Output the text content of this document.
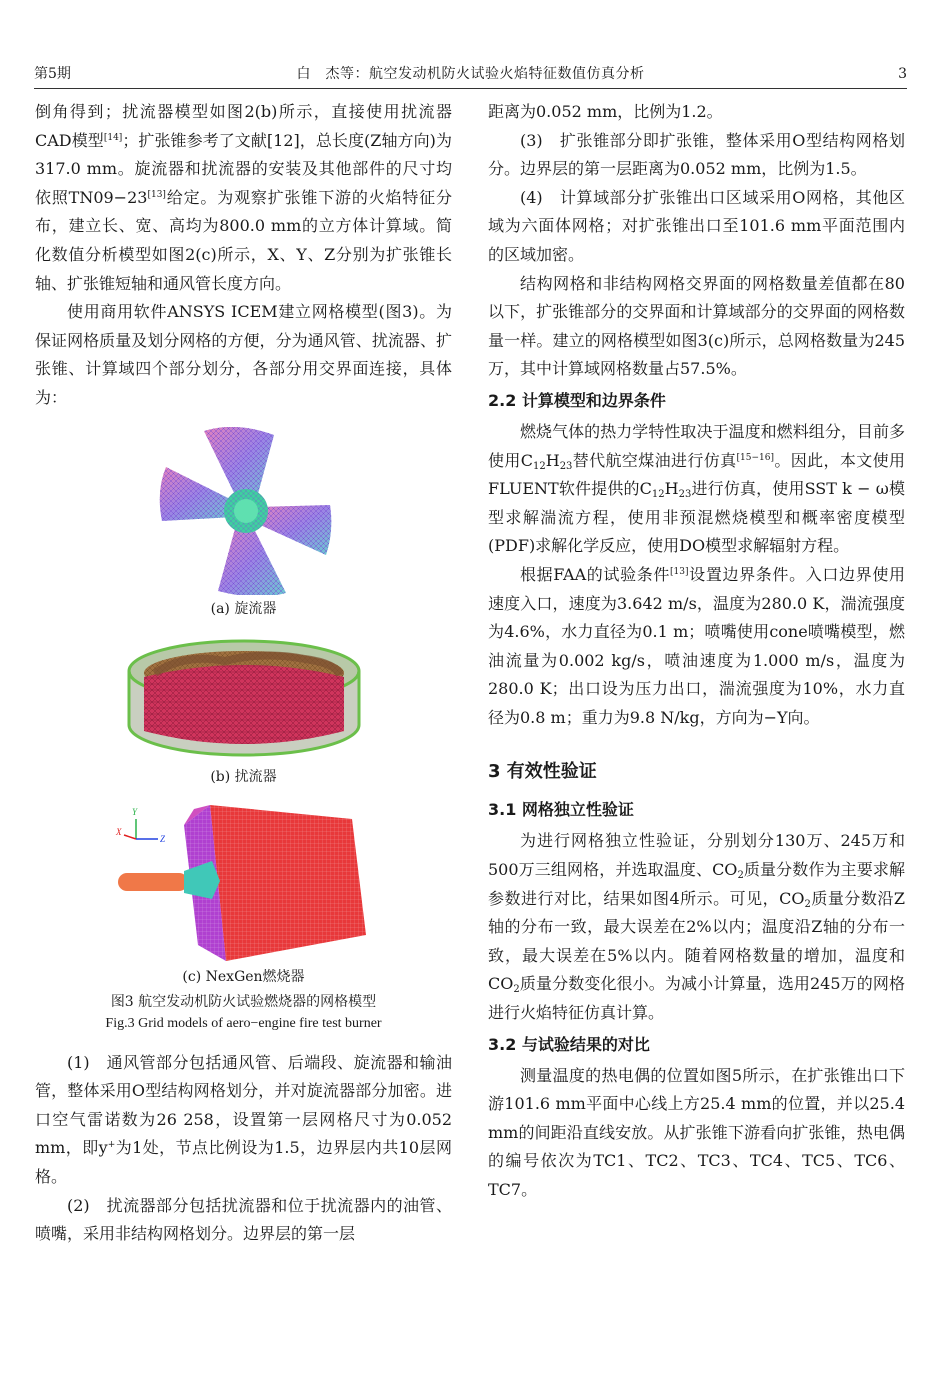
第5期	白　杰等：航空发动机防火试验火焰特征数值仿真分析	3

倒角得到；扰流器模型如图2(b)所示，直接使用扰流器CAD模型[14]；扩张锥参考了文献[12]，总长度(Z轴方向)为317.0 mm。旋流器和扰流器的安装及其他部件的尺寸均依照TN09−23[13]给定。为观察扩张锥下游的火焰特征分布，建立长、宽、高均为800.0 mm的立方体计算域。简化数值分析模型如图2(c)所示，X、Y、Z分别为扩张锥长轴、扩张锥短轴和通风管长度方向。

使用商用软件ANSYS ICEM建立网格模型(图3)。为保证网格质量及划分网格的方便，分为通风管、扰流器、扩张锥、计算域四个部分划分，各部分用交界面连接，具体为：

(a) 旋流器
(b) 扰流器
Y
X
Z
(c) NexGen燃烧器
图3 航空发动机防火试验燃烧器的网格模型
Fig.3 Grid models of aero−engine fire test burner

(1)　通风管部分包括通风管、后端段、旋流器和输油管，整体采用O型结构网格划分，并对旋流器部分加密。进口空气雷诺数为26 258，设置第一层网格尺寸为0.052 mm，即y+为1处，节点比例设为1.5，边界层内共10层网格。

(2)　扰流器部分包括扰流器和位于扰流器内的油管、喷嘴，采用非结构网格划分。边界层的第一层

距离为0.052 mm，比例为1.2。

(3)　扩张锥部分即扩张锥，整体采用O型结构网格划分。边界层的第一层距离为0.052 mm，比例为1.5。

(4)　计算域部分扩张锥出口区域采用O网格，其他区域为六面体网格；对扩张锥出口至101.6 mm平面范围内的区域加密。

结构网格和非结构网格交界面的网格数量差值都在80以下，扩张锥部分的交界面和计算域部分的交界面的网格数量一样。建立的网格模型如图3(c)所示，总网格数量为245万，其中计算域网格数量占57.5%。

2.2 计算模型和边界条件

燃烧气体的热力学特性取决于温度和燃料组分，目前多使用$C_{12}H_{23}$替代航空煤油进行仿真[15−16]。因此，本文使用FLUENT软件提供的$C_{12}H_{23}$进行仿真，使用SST k − ω模型求解湍流方程，使用非预混燃烧模型和概率密度模型(PDF)求解化学反应，使用DO模型求解辐射方程。

根据FAA的试验条件[13]设置边界条件。入口边界使用速度入口，速度为3.642 m/s，温度为280.0 K，湍流强度为4.6%，水力直径为0.1 m；喷嘴使用cone喷嘴模型，燃油流量为0.002 kg/s，喷油速度为1.000 m/s，温度为280.0 K；出口设为压力出口，湍流强度为10%，水力直径为0.8 m；重力为9.8 N/kg，方向为−Y向。

3 有效性验证
3.1 网格独立性验证

为进行网格独立性验证，分别划分130万、245万和500万三组网格，并选取温度、$CO_2$质量分数作为主要求解参数进行对比，结果如图4所示。可见，$CO_2$质量分数沿Z轴的分布一致，最大误差在2%以内；温度沿Z轴的分布一致，最大误差在5%以内。随着网格数量的增加，温度和$CO_2$质量分数变化很小。为减小计算量，选用245万的网格进行火焰特征仿真计算。

3.2 与试验结果的对比

测量温度的热电偶的位置如图5所示，在扩张锥出口下游101.6 mm平面中心线上方25.4 mm的位置，并以25.4 mm的间距沿直线安放。从扩张锥下游看向扩张锥，热电偶的编号依次为TC1、TC2、TC3、TC4、TC5、TC6、TC7。
